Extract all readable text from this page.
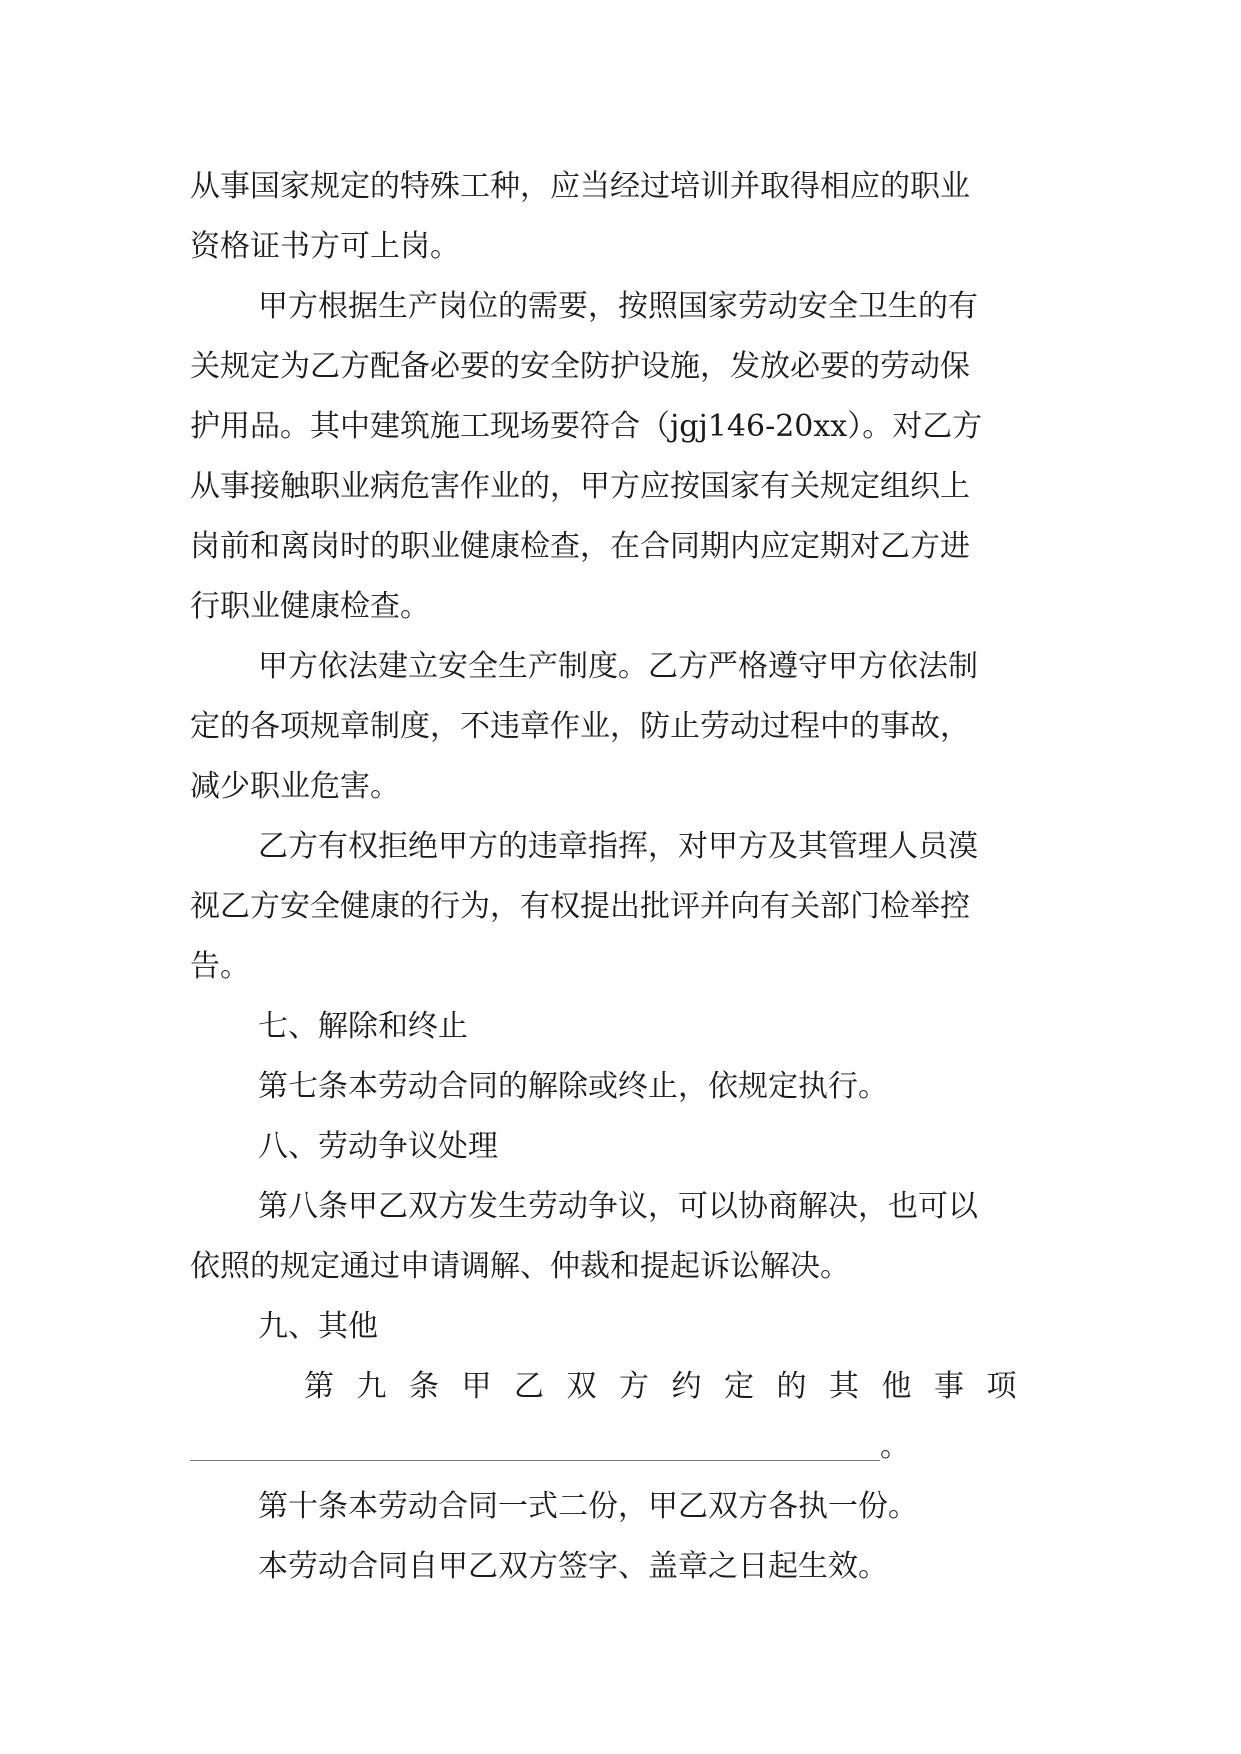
从事国家规定的特殊工种，应当经过培训并取得相应的职业
资格证书方可上岗。
甲方根据生产岗位的需要，按照国家劳动安全卫生的有
关规定为乙方配备必要的安全防护设施，发放必要的劳动保
护用品。其中建筑施工现场要符合（jgj146-20xx）。对乙方
从事接触职业病危害作业的，甲方应按国家有关规定组织上
岗前和离岗时的职业健康检查，在合同期内应定期对乙方进
行职业健康检查。
甲方依法建立安全生产制度。乙方严格遵守甲方依法制
定的各项规章制度，不违章作业，防止劳动过程中的事故，
减少职业危害。
乙方有权拒绝甲方的违章指挥，对甲方及其管理人员漠
视乙方安全健康的行为，有权提出批评并向有关部门检举控
告。
七、解除和终止
第七条本劳动合同的解除或终止，依规定执行。
八、劳动争议处理
第八条甲乙双方发生劳动争议，可以协商解决，也可以
依照的规定通过申请调解、仲裁和提起诉讼解决。
九、其他
第九条甲乙双方约定的其他事项
。
第十条本劳动合同一式二份，甲乙双方各执一份。
本劳动合同自甲乙双方签字、盖章之日起生效。
